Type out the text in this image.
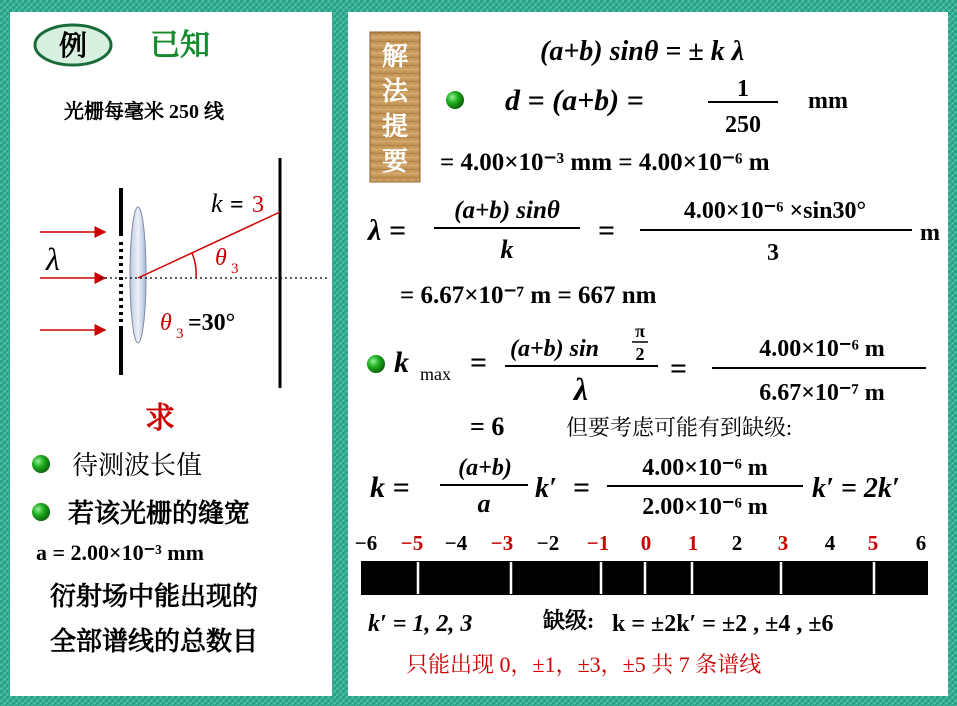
例 已知
光栅每毫米 250 线
λ
k = 3
θ 3
θ 3 =30°
求
待测波长值
若该光栅的缝宽
a = 2.00×10⁻³ mm
衍射场中能出现的
全部谱线的总数目
解
法
提
要
(a+b) sinθ = ± k λ
d = (a+b) =	1
250
mm
= 4.00×10⁻³ mm = 4.00×10⁻⁶ m
λ =
(a+b) sinθ
k
=
4.00×10⁻⁶ ×sin30°
3
m
= 6.67×10⁻⁷ m = 667 nm
k max = (a+b) sin
π
2
λ
=
4.00×10⁻⁶ m
6.67×10⁻⁷ m
= 6	但要考虑可能有到缺级:
k =
(a+b)
a k′ =
4.00×10⁻⁶ m
2.00×10⁻⁶ m
k′ = 2k′
−6 −5 −4 −3 −2 −1 0 1 2 3 4 5 6
k′ = 1, 2, 3	缺级: k = ±2k′ = ±2 , ±4 , ±6
只能出现 0，±1，±3，±5 共 7 条谱线
